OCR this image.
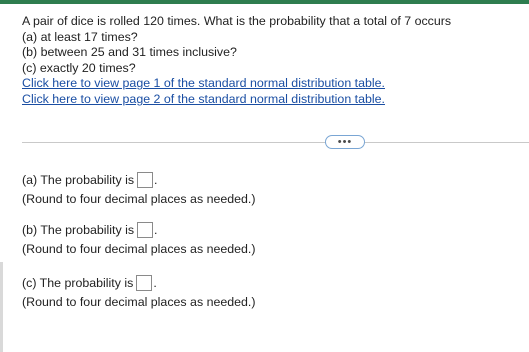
A pair of dice is rolled 120 times. What is the probability that a total of 7 occurs
(a) at least 17 times?
(b) between 25 and 31 times inclusive?
(c) exactly 20 times?
Click here to view page 1 of the standard normal distribution table.
Click here to view page 2 of the standard normal distribution table.
•••
(a) The probability is .
(Round to four decimal places as needed.)
(b) The probability is .
(Round to four decimal places as needed.)
(c) The probability is .
(Round to four decimal places as needed.)
